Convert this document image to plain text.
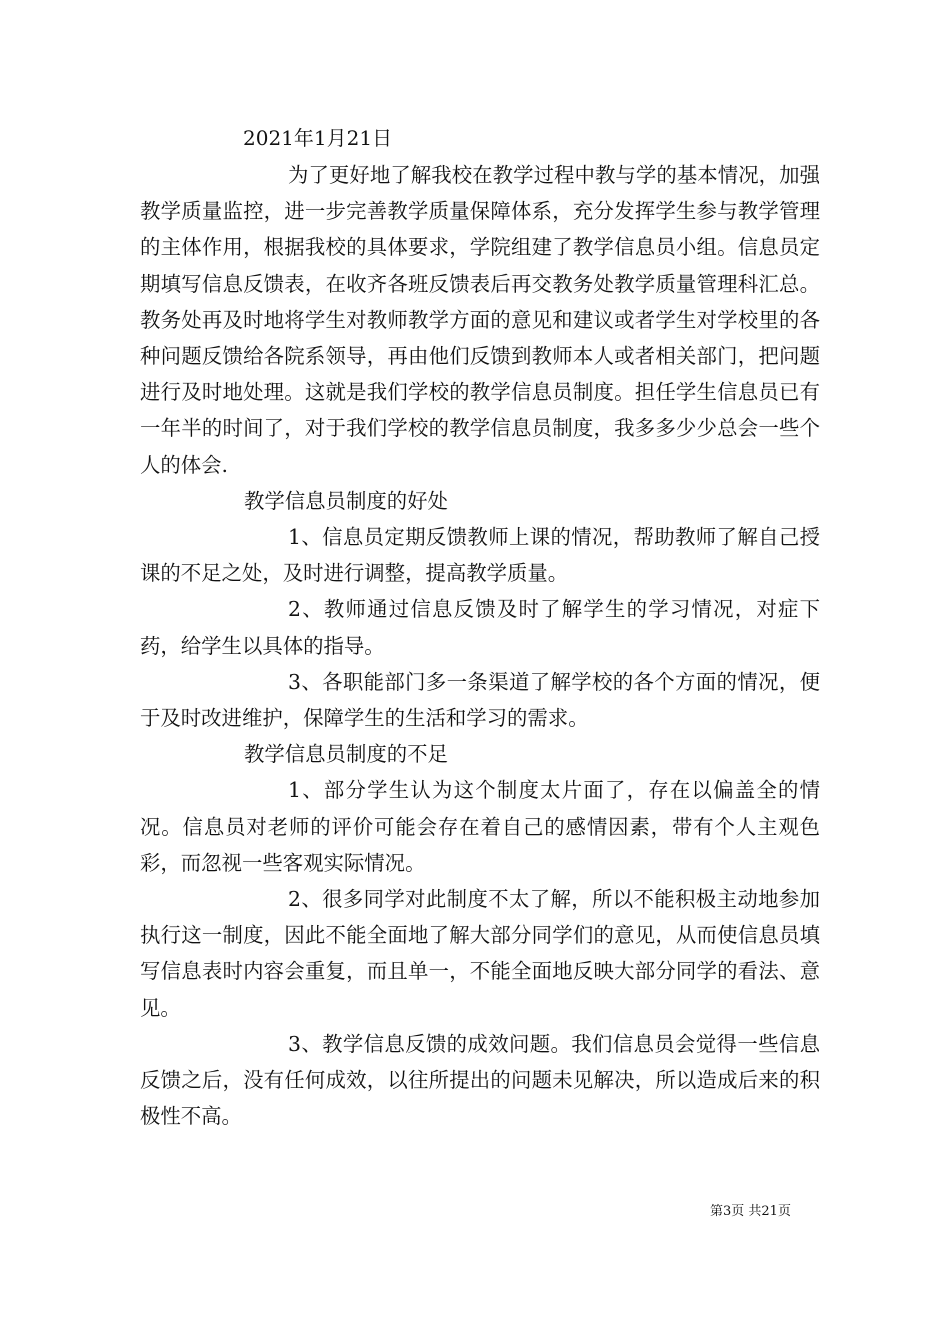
2021年1月21日

为了更好地了解我校在教学过程中教与学的基本情况，加强教学质量监控，进一步完善教学质量保障体系，充分发挥学生参与教学管理的主体作用，根据我校的具体要求，学院组建了教学信息员小组。信息员定期填写信息反馈表，在收齐各班反馈表后再交教务处教学质量管理科汇总。教务处再及时地将学生对教师教学方面的意见和建议或者学生对学校里的各种问题反馈给各院系领导，再由他们反馈到教师本人或者相关部门，把问题进行及时地处理。这就是我们学校的教学信息员制度。担任学生信息员已有一年半的时间了，对于我们学校的教学信息员制度，我多多少少总会一些个人的体会.

教学信息员制度的好处

1、信息员定期反馈教师上课的情况，帮助教师了解自己授课的不足之处，及时进行调整，提高教学质量。

2、教师通过信息反馈及时了解学生的学习情况，对症下药，给学生以具体的指导。

3、各职能部门多一条渠道了解学校的各个方面的情况，便于及时改进维护，保障学生的生活和学习的需求。

教学信息员制度的不足

1、部分学生认为这个制度太片面了，存在以偏盖全的情况。信息员对老师的评价可能会存在着自己的感情因素，带有个人主观色彩，而忽视一些客观实际情况。

2、很多同学对此制度不太了解，所以不能积极主动地参加执行这一制度，因此不能全面地了解大部分同学们的意见，从而使信息员填写信息表时内容会重复，而且单一，不能全面地反映大部分同学的看法、意见。

3、教学信息反馈的成效问题。我们信息员会觉得一些信息反馈之后，没有任何成效，以往所提出的问题未见解决，所以造成后来的积极性不高。

第3页 共21页
